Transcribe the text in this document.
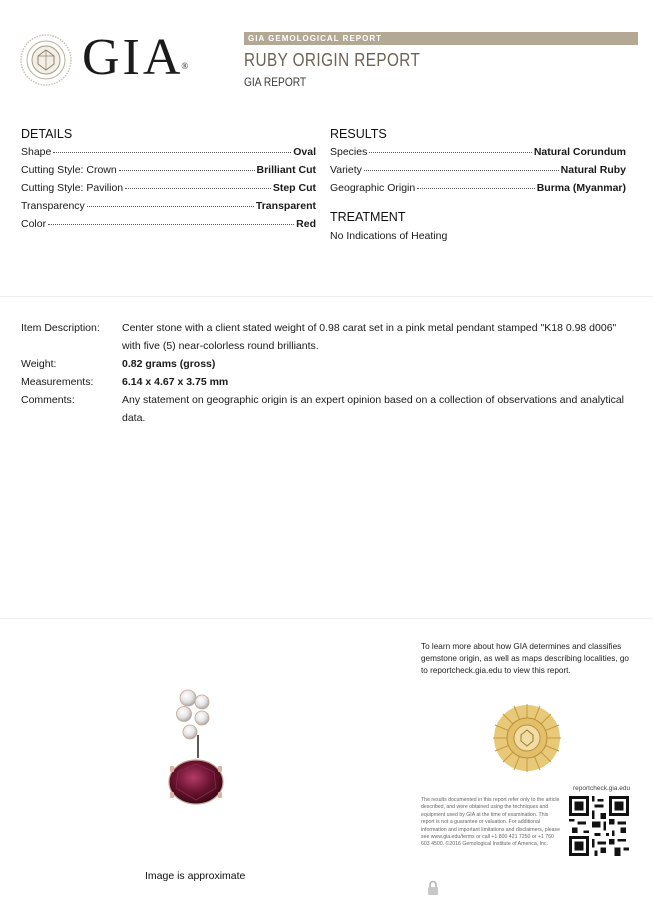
GIA®
GIA GEMOLOGICAL REPORT
RUBY ORIGIN REPORT
GIA REPORT
DETAILS
Shape	Oval
Cutting Style: Crown	Brilliant Cut
Cutting Style: Pavilion	Step Cut
Transparency	Transparent
Color	Red
RESULTS
Species	Natural Corundum
Variety	Natural Ruby
Geographic Origin	Burma (Myanmar)
TREATMENT
No Indications of Heating
Item Description: Center stone with a client stated weight of 0.98 carat set in a pink metal pendant stamped "K18 0.98 d006" with five (5) near-colorless round brilliants.
Weight:	0.82 grams (gross)
Measurements:	6.14 x 4.67 x 3.75 mm
Comments:	Any statement on geographic origin is an expert opinion based on a collection of observations and analytical data.
To learn more about how GIA determines and classifies gemstone origin, as well as maps describing localities, go to reportcheck.gia.edu to view this report.
reportcheck.gia.edu
The results documented in this report refer only to the article described, and were obtained using the techniques and equipment used by GIA at the time of examination. This report is not a guarantee or valuation. For additional information and important limitations and disclaimers, please see www.gia.edu/terms or call +1 800 421 7250 or +1 760 603 4500. ©2016 Gemological Institute of America, Inc.
Image is approximate
